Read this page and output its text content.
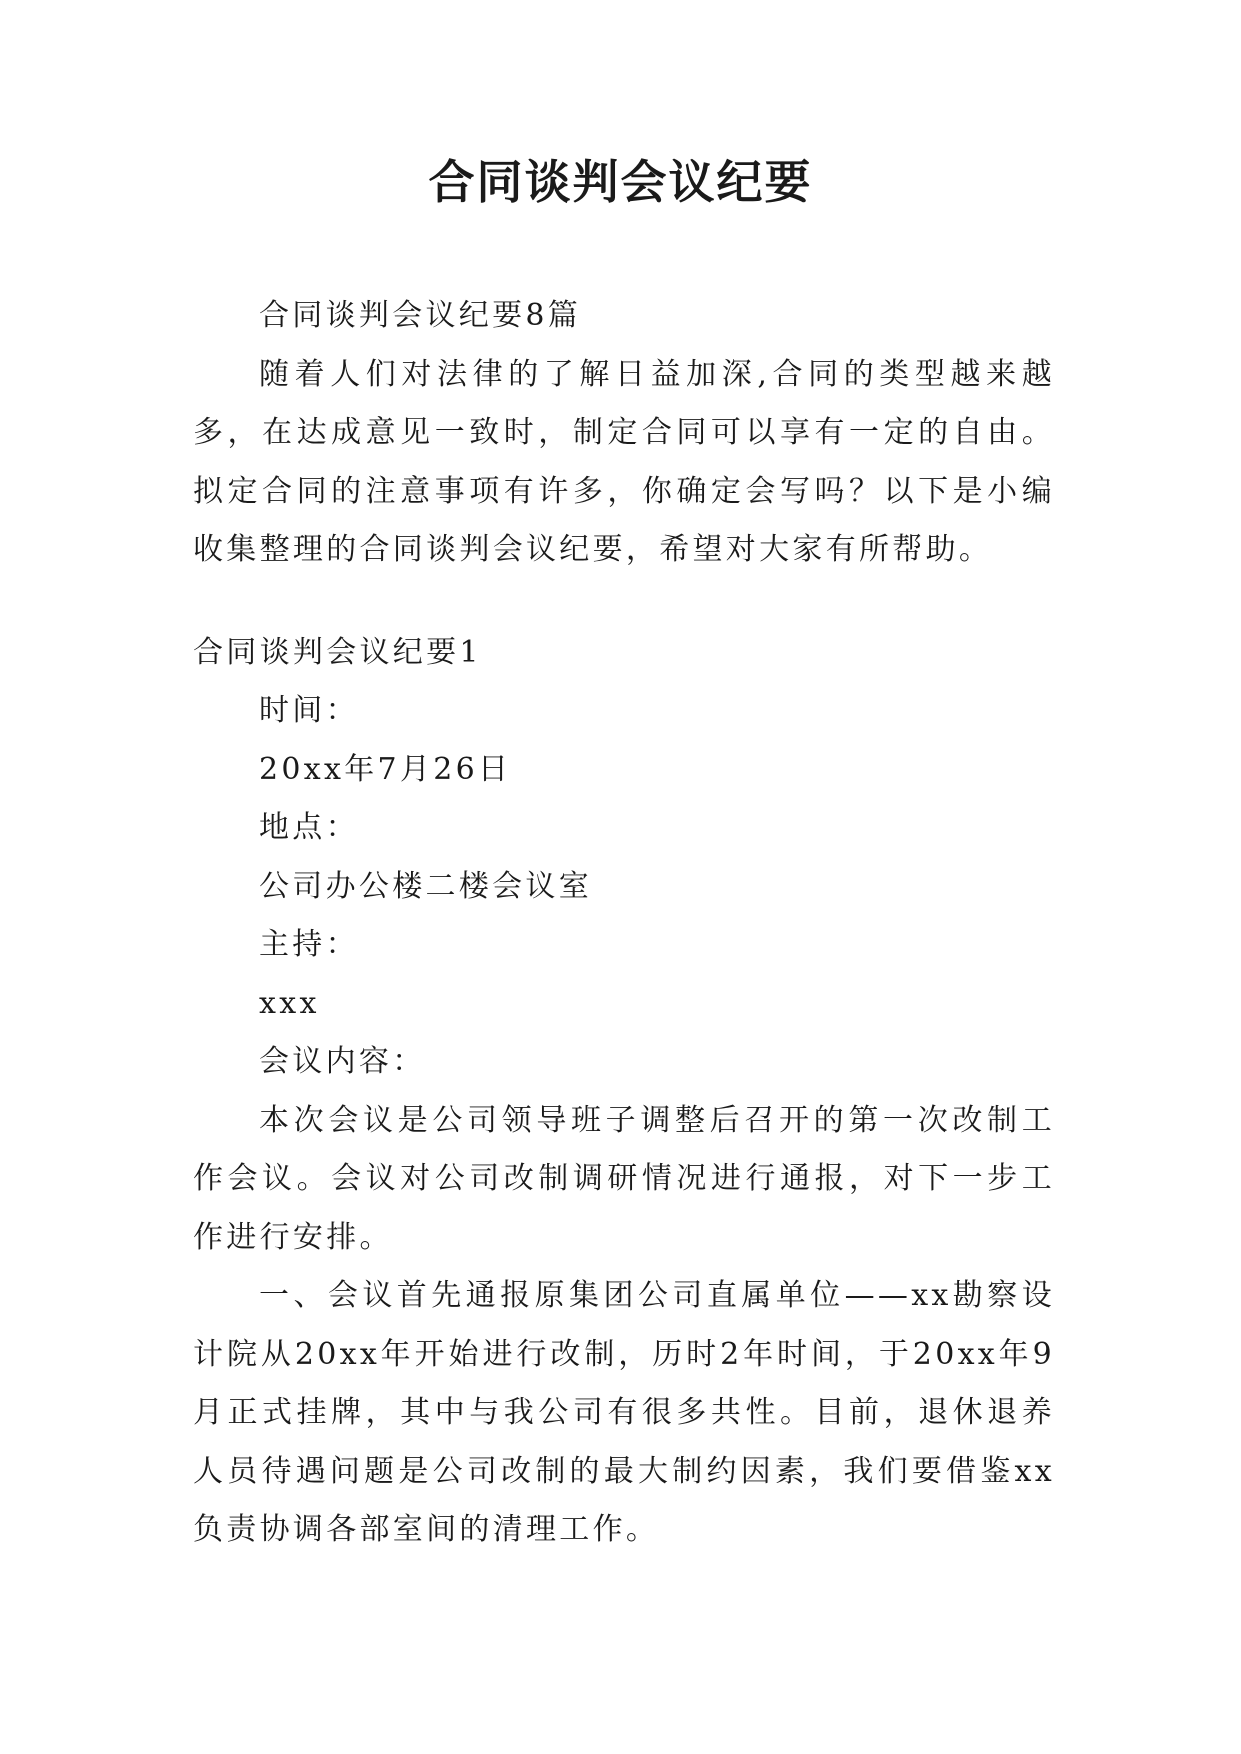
合同谈判会议纪要

合同谈判会议纪要8篇

随着人们对法律的了解日益加深,合同的类型越来越多，在达成意见一致时，制定合同可以享有一定的自由。拟定合同的注意事项有许多，你确定会写吗？以下是小编收集整理的合同谈判会议纪要，希望对大家有所帮助。

合同谈判会议纪要1

时间：

20xx年7月26日

地点：

公司办公楼二楼会议室

主持：

xxx

会议内容：

本次会议是公司领导班子调整后召开的第一次改制工作会议。会议对公司改制调研情况进行通报，对下一步工作进行安排。

一、会议首先通报原集团公司直属单位——xx勘察设计院从20xx年开始进行改制，历时2年时间，于20xx年9月正式挂牌，其中与我公司有很多共性。目前，退休退养人员待遇问题是公司改制的最大制约因素，我们要借鉴xx负责协调各部室间的清理工作。
